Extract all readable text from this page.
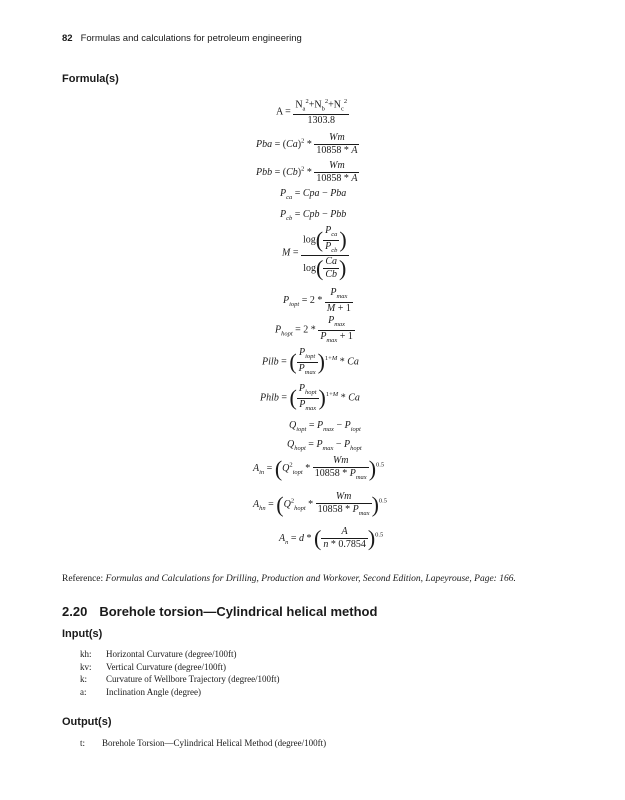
82 Formulas and calculations for petroleum engineering
Formula(s)
$A = \frac{N_a^2+N_b^2+N_c^2}{1303.8}$
Pba = $(Ca)^2 * \frac{Wm}{10858 * A}$
Pbb = $(Cb)^2 * \frac{Wm}{10858 * A}$
$P_{ca}$ = Cpa − Pba
$P_{cb}$ = Cpb − Pbb
$M = \frac{\log( \frac{P_{ca}}{P_{cb}} )}{\log( \frac{Ca}{Cb} )}$
$P_{iopt} = 2 * \frac{P_{max}}{M + 1}$
$P_{hopt} = 2 * \frac{P_{max}}{P_{max} + 1}$
Pilb = ( $\frac{P_{iopt}}{P_{max}} )^{1+M}$ * Ca
Phlb = ( $\frac{P_{hopt}}{P_{max}} )^{1+M}$ * Ca
$Q_{iopt} = P_{max} - P_{iopt}$
$Q_{hopt} = P_{max} - P_{hopt}$
$A_{in} = (Q^2_{iopt} * \frac{Wm}{10858 * P_{max}} )^{0.5}$
$A_{hn} = (Q^2_{hopt} * \frac{Wm}{10858 * P_{max}} )^{0.5}$
$A_n = d$ * ( $\frac{A}{n * 0.7854} )^{0.5}$
Reference: Formulas and Calculations for Drilling, Production and Workover, Second Edition, Lapeyrouse, Page: 166.
2.20 Borehole torsion—Cylindrical helical method
Input(s)
kh: Horizontal Curvature (degree/100ft)
kv: Vertical Curvature (degree/100ft)
k: Curvature of Wellbore Trajectory (degree/100ft)
a: Inclination Angle (degree)
Output(s)
t: Borehole Torsion—Cylindrical Helical Method (degree/100ft)
